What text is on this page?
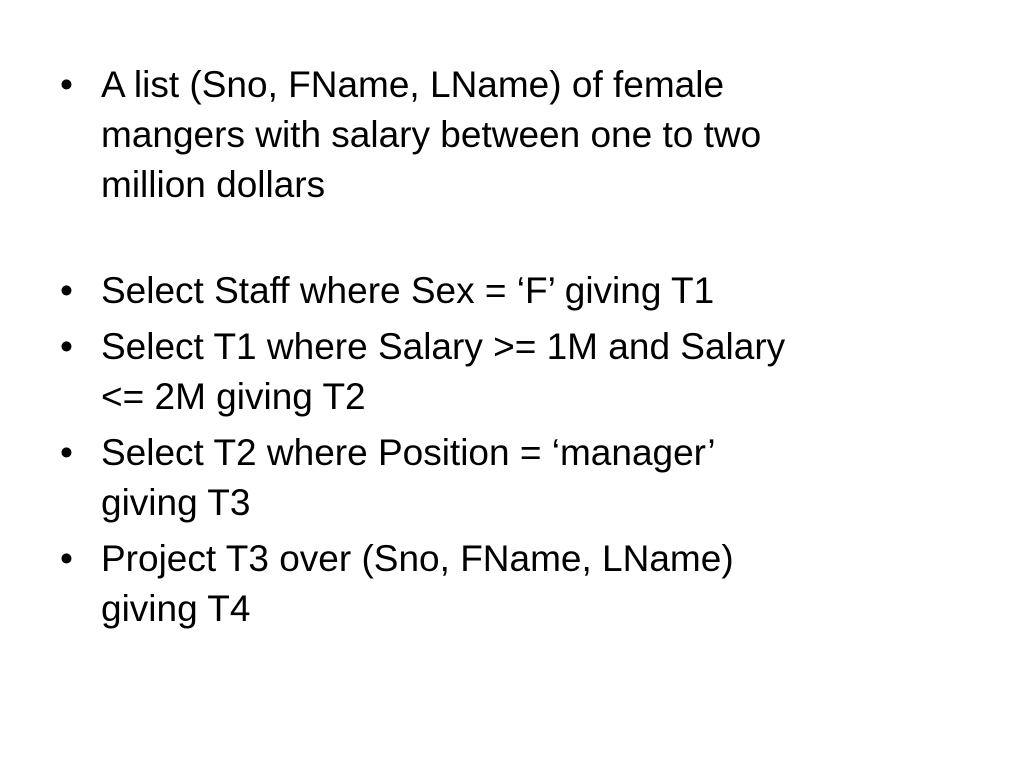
• A list (Sno, FName, LName) of female
mangers with salary between one to two
million dollars
• Select Staff where Sex = ‘F’ giving T1
• Select T1 where Salary >= 1M and Salary
<= 2M giving T2
• Select T2 where Position = ‘manager’
giving T3
• Project T3 over (Sno, FName, LName)
giving T4
